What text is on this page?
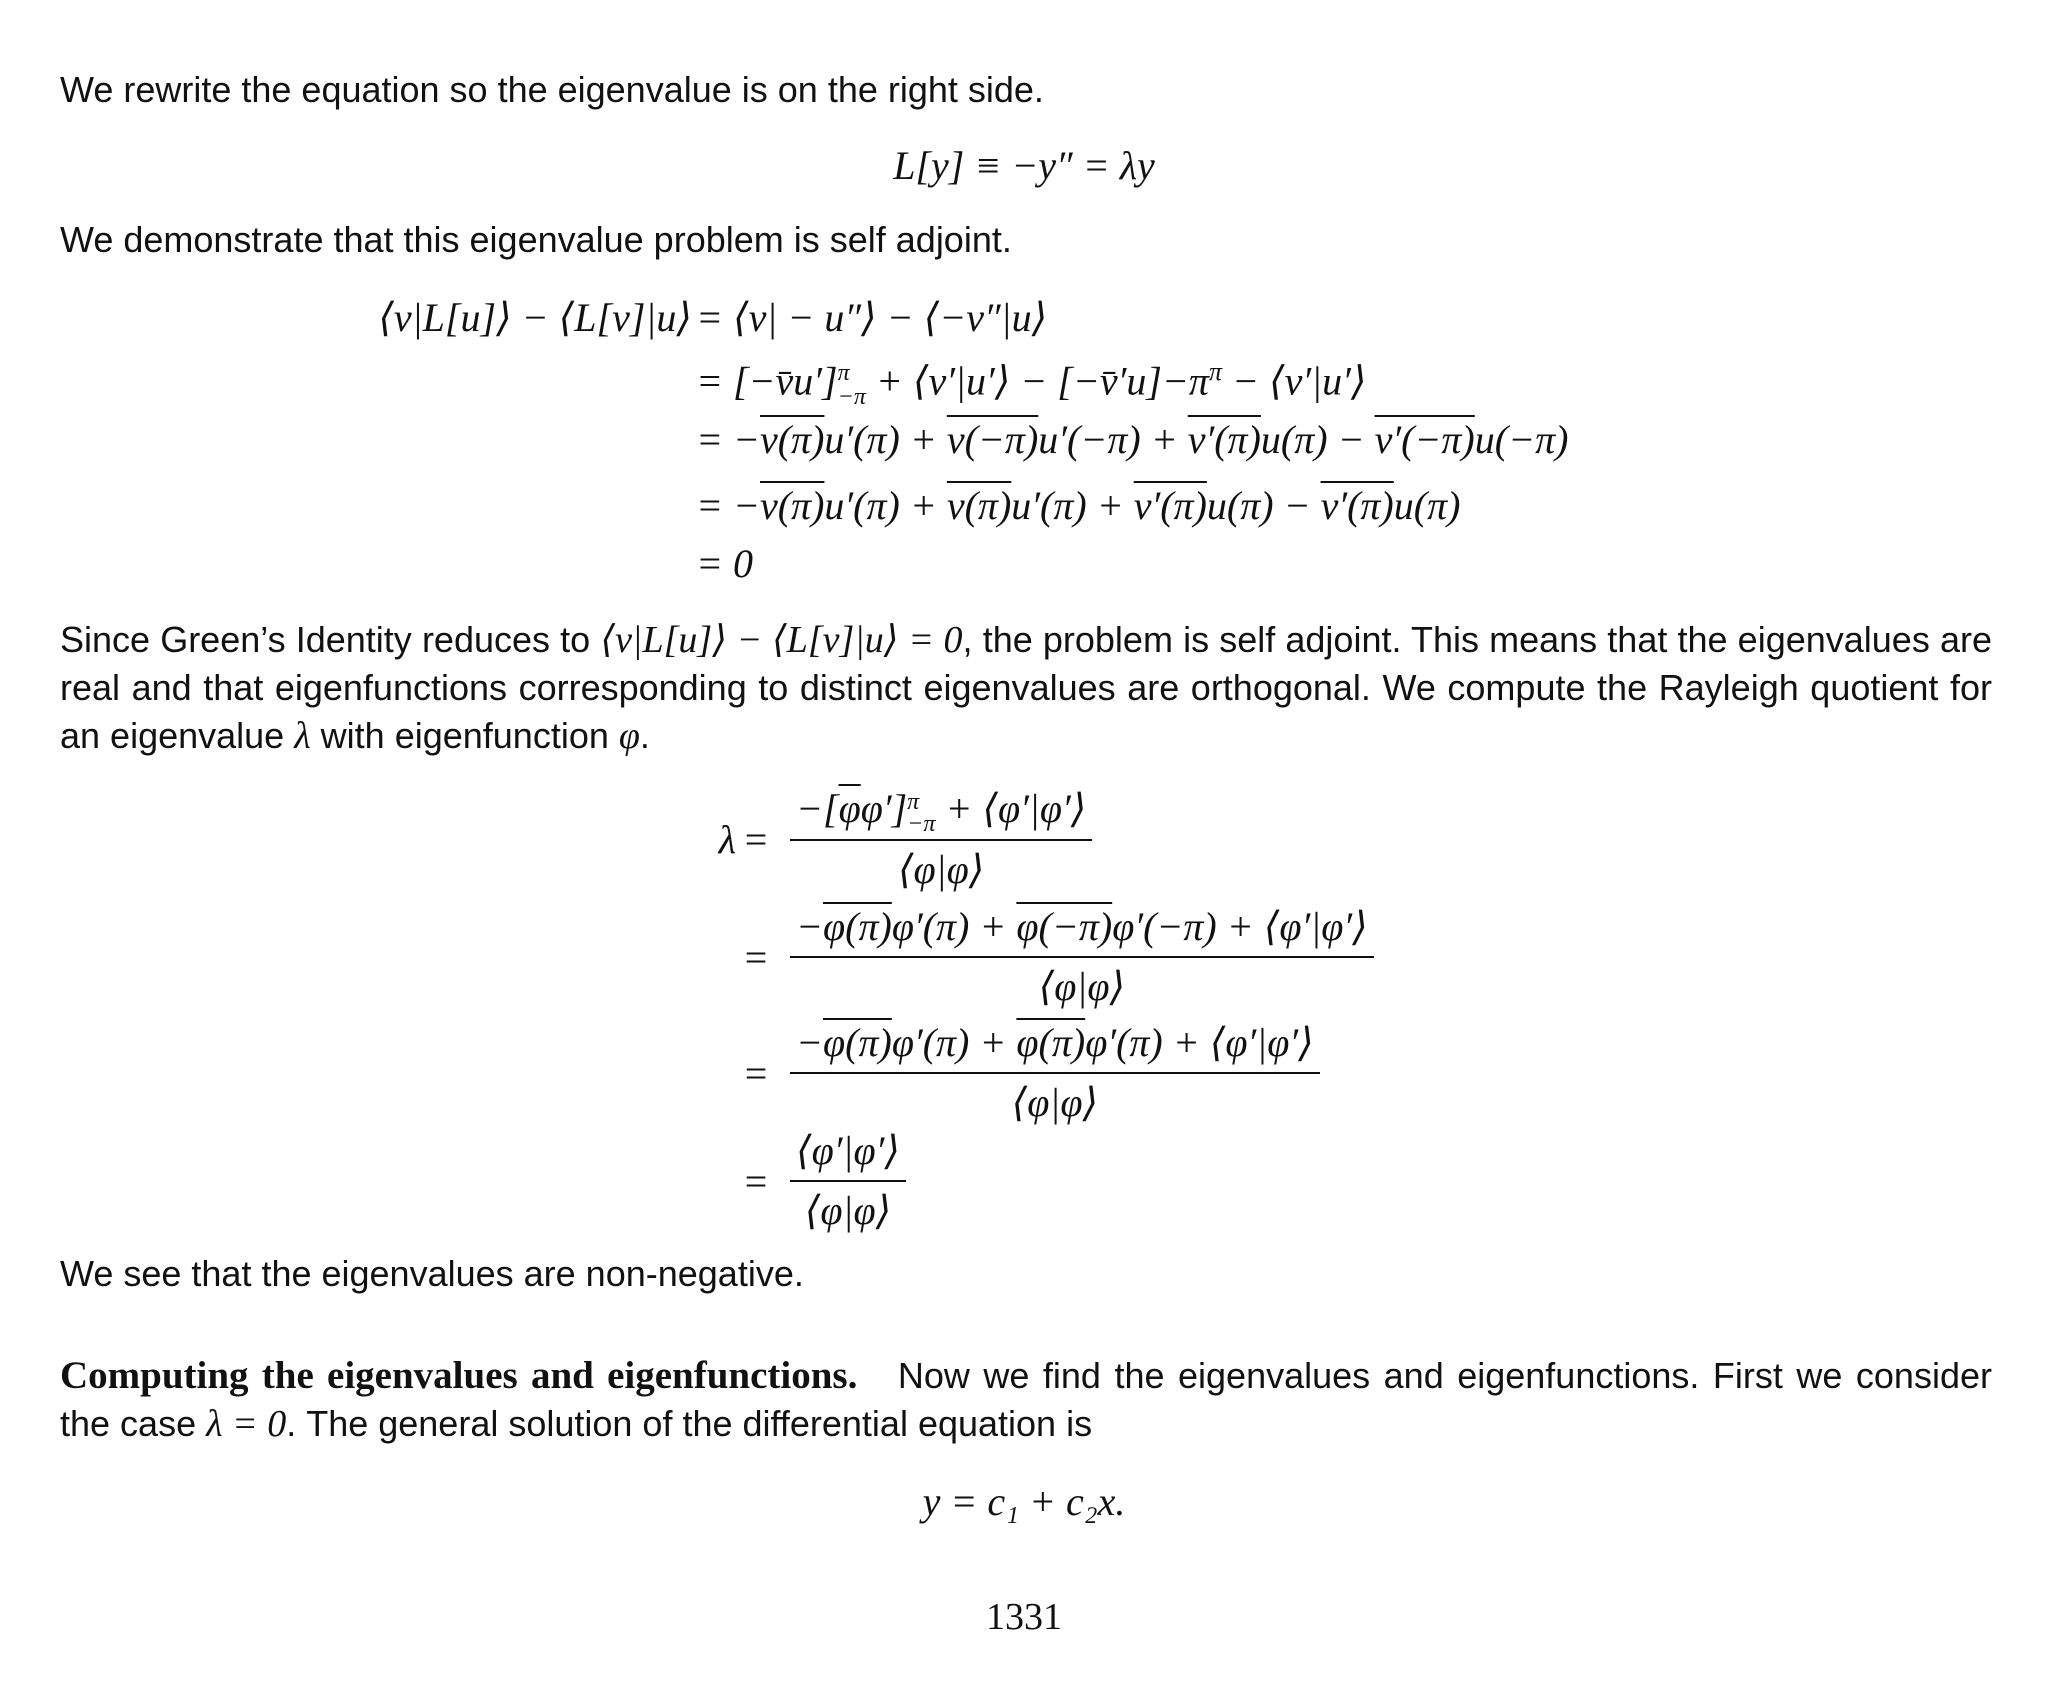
We rewrite the equation so the eigenvalue is on the right side.
L[y] ≡ −y″ = λy
We demonstrate that this eigenvalue problem is self adjoint.
⟨v|L[u]⟩ − ⟨L[v]|u⟩ = ⟨v| − u″⟩ − ⟨−v″|u⟩
= [−v̄u′] π
−π + ⟨v′|u′⟩ − $[-v̄'u]-\pi^\pi$ − ⟨v′|u′⟩
= −v(π)u′(π) + v(−π)u′(−π) + v′(π)u(π) − v′(−π)u(−π)
= −v(π)u′(π) + v(π)u′(π) + v′(π)u(π) − v′(π)u(π)
= 0
Since Green’s Identity reduces to ⟨v|L[u]⟩ − ⟨L[v]|u⟩ = 0, the problem is self adjoint. This means that the eigenvalues are real and that eigenfunctions corresponding to distinct eigenvalues are orthogonal. We compute the Rayleigh quotient for an eigenvalue λ with eigenfunction φ.
$\lambda = -[\overline{\varphi}\varphi']$ π
−π + ⟨φ′|φ′⟩
⟨φ|φ⟩
= $\frac{-\varphi(\pi)\varphi'(\pi) + \varphi(-\pi)\varphi'(-\pi) + ⟨\varphi'|\varphi'⟩}{⟨\varphi|\varphi⟩}$
= $\frac{-\varphi(\pi)\varphi'(\pi) + \varphi(\pi)\varphi'(\pi) + ⟨\varphi'|\varphi'⟩}{⟨\varphi|\varphi⟩}$
= $\frac{⟨\varphi'|\varphi'⟩}{⟨\varphi|\varphi⟩}$
We see that the eigenvalues are non-negative.
Computing the eigenvalues and eigenfunctions. Now we find the eigenvalues and eigenfunctions. First we consider the case λ = 0. The general solution of the differential equation is
y = c₁ + c₂x.
1331
